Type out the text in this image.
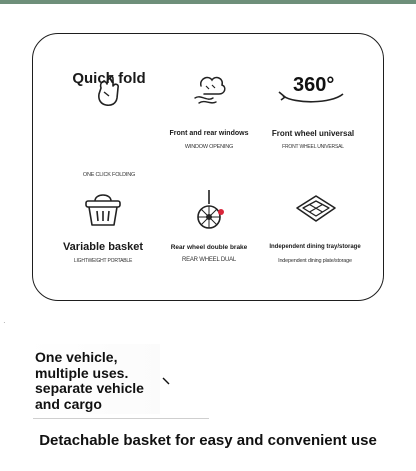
Quick fold
ONE CLICK FOLDING
Front and rear windows
WINDOW OPENING
360°
Front wheel universal
FRONT WHEEL UNIVERSAL
Variable basket
LIGHTWEIGHT PORTABLE
Rear wheel double brake
REAR WHEEL DUAL
Independent dining tray/storage
Independent dining plate/storage
·
One vehicle,
multiple uses.
separate vehicle
and cargo
Detachable basket for easy and convenient use
